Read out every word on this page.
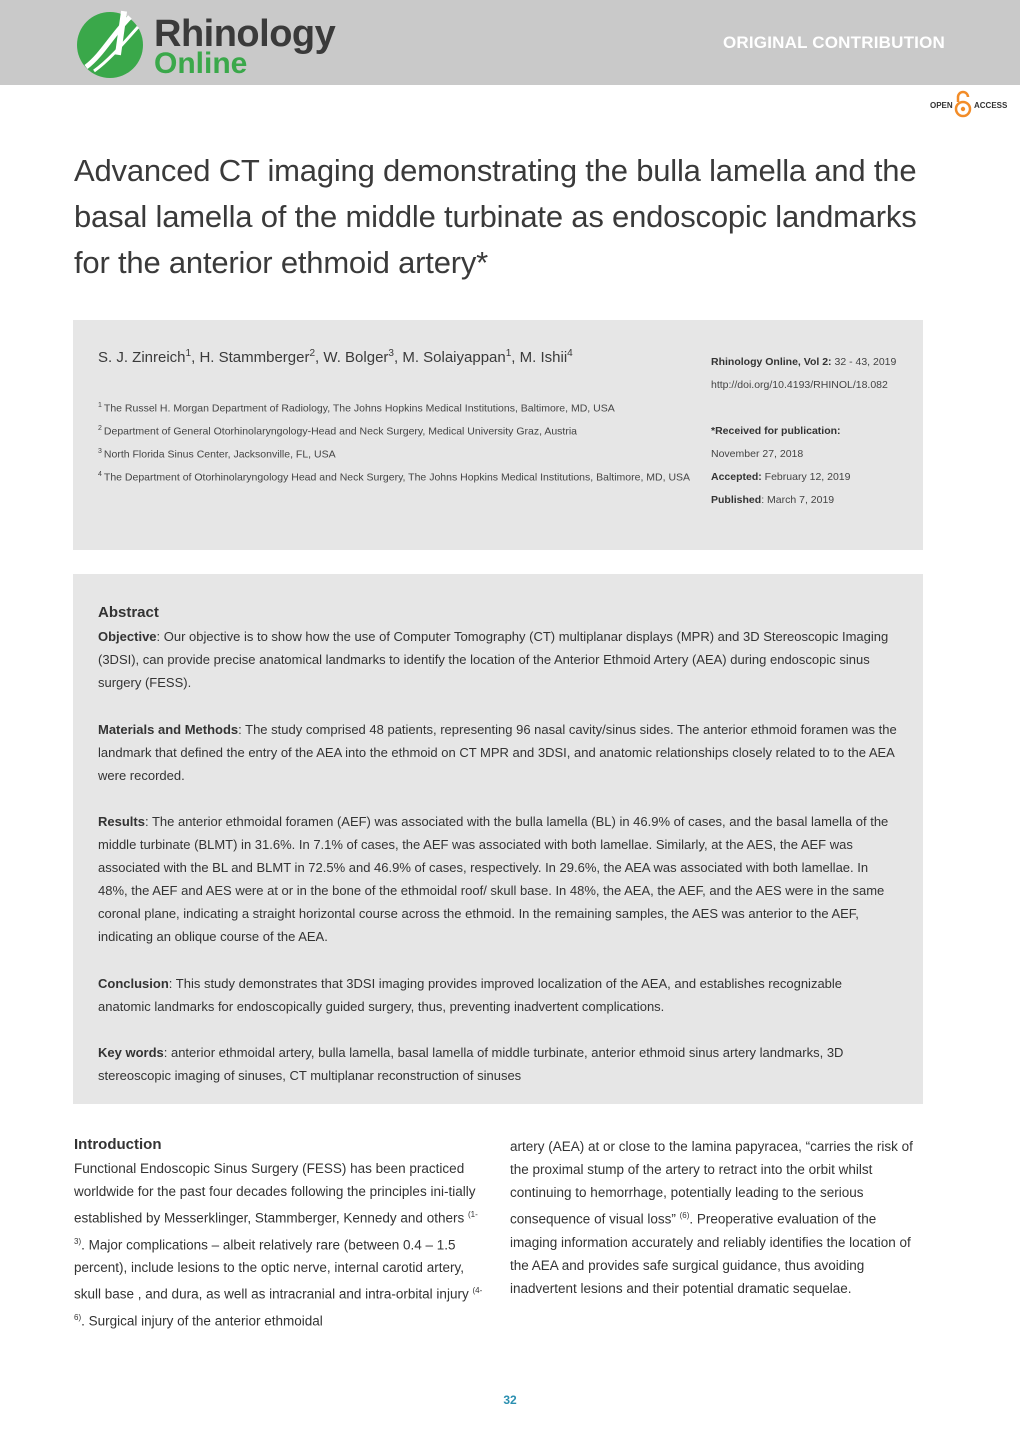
Rhinology
Online
ORIGINAL CONTRIBUTION
OPEN	ACCESS
Advanced CT imaging demonstrating the bulla lamella and the basal lamella of the middle turbinate as endoscopic landmarks for the anterior ethmoid artery*
S. J. Zinreich$^1$, H. Stammberger$^2$, W. Bolger$^3$, M. Solaiyappan$^1$, M. Ishii$^4$
$^1$ The Russel H. Morgan Department of Radiology, The Johns Hopkins Medical Institutions, Baltimore, MD, USA
$^2$ Department of General Otorhinolaryngology-Head and Neck Surgery, Medical University Graz, Austria
$^3$ North Florida Sinus Center, Jacksonville, FL, USA
$^4$ The Department of Otorhinolaryngology Head and Neck Surgery, The Johns Hopkins Medical Institutions, Baltimore, MD, USA
Rhinology Online, Vol 2: 32 - 43, 2019
http://doi.org/10.4193/RHINOL/18.082
*Received for publication:
November 27, 2018
Accepted: February 12, 2019
Published: March 7, 2019
Abstract
Objective: Our objective is to show how the use of Computer Tomography (CT) multiplanar displays (MPR) and 3D Stereoscopic Imaging (3DSI), can provide precise anatomical landmarks to identify the location of the Anterior Ethmoid Artery (AEA) during endoscopic sinus surgery (FESS).
Materials and Methods: The study comprised 48 patients, representing 96 nasal cavity/sinus sides. The anterior ethmoid foramen was the landmark that defined the entry of the AEA into the ethmoid on CT MPR and 3DSI, and anatomic relationships closely related to to the AEA were recorded.
Results: The anterior ethmoidal foramen (AEF) was associated with the bulla lamella (BL) in 46.9% of cases, and the basal lamella of the middle turbinate (BLMT) in 31.6%. In 7.1% of cases, the AEF was associated with both lamellae. Similarly, at the AES, the AEF was associated with the BL and BLMT in 72.5% and 46.9% of cases, respectively. In 29.6%, the AEA was associated with both lamellae. In 48%, the AEF and AES were at or in the bone of the ethmoidal roof/ skull base. In 48%, the AEA, the AEF, and the AES were in the same coronal plane, indicating a straight horizontal course across the ethmoid. In the remaining samples, the AES was anterior to the AEF, indicating an oblique course of the AEA.
Conclusion: This study demonstrates that 3DSI imaging provides improved localization of the AEA, and establishes recognizable anatomic landmarks for endoscopically guided surgery, thus, preventing inadvertent complications.
Key words: anterior ethmoidal artery, bulla lamella, basal lamella of middle turbinate, anterior ethmoid sinus artery landmarks, 3D stereoscopic imaging of sinuses, CT multiplanar reconstruction of sinuses
Introduction

Functional Endoscopic Sinus Surgery (FESS) has been practiced worldwide for the past four decades following the principles ini-tially established by Messerklinger, Stammberger, Kennedy and others $^{(1-3)}$. Major complications – albeit relatively rare (between 0.4 – 1.5 percent), include lesions to the optic nerve, internal carotid artery, skull base , and dura, as well as intracranial and intra-orbital injury $^{(4-6)}$. Surgical injury of the anterior ethmoidal

artery (AEA) at or close to the lamina papyracea, “carries the risk of the proximal stump of the artery to retract into the orbit whilst continuing to hemorrhage, potentially leading to the serious consequence of visual loss” $^{(6)}$. Preoperative evaluation of the imaging information accurately and reliably identifies the location of the AEA and provides safe surgical guidance, thus avoiding inadvertent lesions and their potential dramatic sequelae.

32
